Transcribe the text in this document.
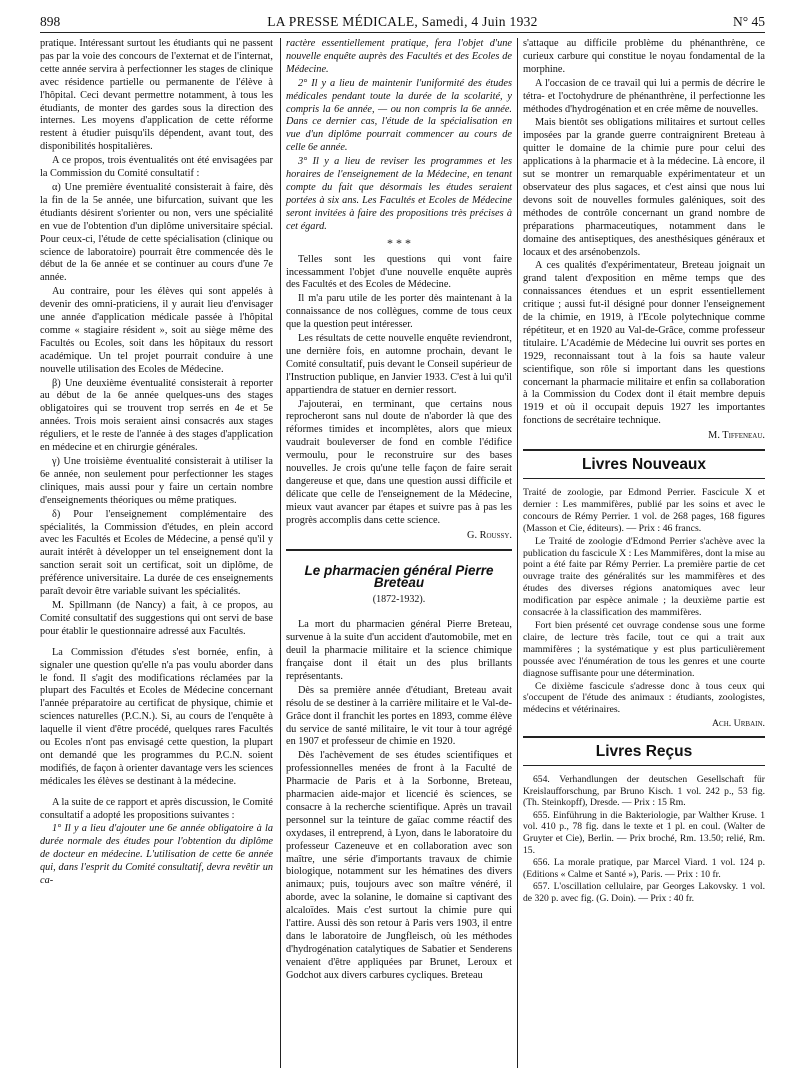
898	LA PRESSE MÉDICALE, Samedi, 4 Juin 1932	N° 45

pratique. Intéressant surtout les étudiants qui ne passent pas par la voie des concours de l'externat et de l'internat, cette année servira à perfectionner les stages de clinique avec résidence partielle ou permanente de l'élève à l'hôpital. Ceci devant permettre notamment, à tous les étudiants, de monter des gardes sous la direction des internes. Les moyens d'application de cette réforme restent à étudier puisqu'ils dépendent, avant tout, des disponibilités hospitalières.

A ce propos, trois éventualités ont été envisagées par la Commission du Comité consultatif :

α) Une première éventualité consisterait à faire, dès la fin de la 5e année, une bifurcation, suivant que les étudiants désirent s'orienter ou non, vers une spécialité en vue de l'obtention d'un diplôme universitaire spécial. Pour ceux-ci, l'étude de cette spécialisation (clinique ou science de laboratoire) pourrait être commencée dès le début de la 6e année et se continuer au cours d'une 7e année.

Au contraire, pour les élèves qui sont appelés à devenir des omni-praticiens, il y aurait lieu d'envisager une année d'application médicale passée à l'hôpital comme « stagiaire résident », soit au siège même des Facultés ou Ecoles, soit dans les hôpitaux du ressort académique. Un tel projet pourrait conduire à une nouvelle utilisation des Ecoles de Médecine.

β) Une deuxième éventualité consisterait à reporter au début de la 6e année quelques-uns des stages obligatoires qui se trouvent trop serrés en 4e et 5e années. Trois mois seraient ainsi consacrés aux stages réguliers, et le reste de l'année à des stages d'application en médecine et en chirurgie générales.

γ) Une troisième éventualité consisterait à utiliser la 6e année, non seulement pour perfectionner les stages cliniques, mais aussi pour y faire un certain nombre d'enseignements théoriques ou même pratiques.

δ) Pour l'enseignement complémentaire des spécialités, la Commission d'études, en plein accord avec les Facultés et Ecoles de Médecine, a pensé qu'il y aurait intérêt à développer un tel enseignement dont la sanction serait soit un certificat, soit un diplôme, de préférence universitaire. La durée de ces enseignements paraît devoir être variable suivant les spécialités.

M. Spillmann (de Nancy) a fait, à ce propos, au Comité consultatif des suggestions qui ont servi de base pour établir le questionnaire adressé aux Facultés.

La Commission d'études s'est bornée, enfin, à signaler une question qu'elle n'a pas voulu aborder dans le fond. Il s'agit des modifications réclamées par la plupart des Facultés et Ecoles de Médecine concernant l'année préparatoire au certificat de physique, chimie et sciences naturelles (P.C.N.). Si, au cours de l'enquête à laquelle il vient d'être procédé, quelques rares Facultés ou Ecoles n'ont pas envisagé cette question, la plupart ont demandé que les programmes du P.C.N. soient modifiés, de façon à orienter davantage vers les sciences médicales les élèves se destinant à la médecine.

A la suite de ce rapport et après discussion, le Comité consultatif a adopté les propositions suivantes :

1° Il y a lieu d'ajouter une 6e année obligatoire à la durée normale des études pour l'obtention du diplôme de docteur en médecine. L'utilisation de cette 6e année qui, dans l'esprit du Comité consultatif, devra revêtir un ca-

ractère essentiellement pratique, fera l'objet d'une nouvelle enquête auprès des Facultés et des Ecoles de Médecine.

2° Il y a lieu de maintenir l'uniformité des études médicales pendant toute la durée de la scolarité, y compris la 6e année, — ou non compris la 6e année. Dans ce dernier cas, l'étude de la spécialisation en vue d'un diplôme pourrait commencer au cours de celle 6e année.

3° Il y a lieu de reviser les programmes et les horaires de l'enseignement de la Médecine, en tenant compte du fait que désormais les études seraient portées à six ans. Les Facultés et Ecoles de Médecine seront invitées à faire des propositions très précises à cet égard.

* * *

Telles sont les questions qui vont faire incessamment l'objet d'une nouvelle enquête auprès des Facultés et des Ecoles de Médecine.

Il m'a paru utile de les porter dès maintenant à la connaissance de nos collègues, comme de tous ceux que la question peut intéresser.

Les résultats de cette nouvelle enquête reviendront, une dernière fois, en automne prochain, devant le Comité consultatif, puis devant le Conseil supérieur de l'Instruction publique, en Janvier 1933. C'est à lui qu'il appartiendra de statuer en dernier ressort.

J'ajouterai, en terminant, que certains nous reprocheront sans nul doute de n'aborder là que des réformes timides et incomplètes, alors que mieux vaudrait bouleverser de fond en comble l'édifice vermoulu, pour le reconstruire sur des bases nouvelles. Je crois qu'une telle façon de faire serait dangereuse et que, dans une question aussi difficile et délicate que celle de l'enseignement de la Médecine, mieux vaut avancer par étapes et suivre pas à pas les progrès accomplis dans cette science.

G. Roussy.

Le pharmacien général Pierre Breteau
(1872-1932).

La mort du pharmacien général Pierre Breteau, survenue à la suite d'un accident d'automobile, met en deuil la pharmacie militaire et la science chimique française dont il était un des plus brillants représentants.

Dès sa première année d'étudiant, Breteau avait résolu de se destiner à la carrière militaire et le Val-de-Grâce dont il franchit les portes en 1893, comme élève du service de santé militaire, le vit tour à tour agrégé en 1907 et professeur de chimie en 1920.

Dès l'achèvement de ses études scientifiques et professionnelles menées de front à la Faculté de Pharmacie de Paris et à la Sorbonne, Breteau, pharmacien aide-major et licencié ès sciences, se consacre à la recherche scientifique. Après un travail personnel sur la teinture de gaïac comme réactif des oxydases, il entreprend, à Lyon, dans le laboratoire du professeur Cazeneuve et en collaboration avec son maître, une série d'importants travaux de chimie biologique, notamment sur les hématines des divers animaux; puis, toujours avec son maître vénéré, il aborde, avec la solanine, le domaine si captivant des alcaloïdes. Mais c'est surtout la chimie pure qui l'attire. Aussi dès son retour à Paris vers 1903, il entre dans le laboratoire de Jungfleisch, où les méthodes d'hydrogénation catalytiques de Sabatier et Senderens venaient d'être appliquées par Brunet, Leroux et Godchot aux divers carbures cycliques. Breteau

s'attaque au difficile problème du phénanthrène, ce curieux carbure qui constitue le noyau fondamental de la morphine.

A l'occasion de ce travail qui lui a permis de décrire le tétra- et l'octohydrure de phénanthrène, il perfectionne les méthodes d'hydrogénation et en crée même de nouvelles.

Mais bientôt ses obligations militaires et surtout celles imposées par la grande guerre contraignirent Breteau à quitter le domaine de la chimie pure pour celui des applications à la pharmacie et à la médecine. Là encore, il sut se montrer un remarquable expérimentateur et un observateur des plus sagaces, et c'est ainsi que nous lui devons soit de nouvelles formules galéniques, soit des méthodes de contrôle concernant un grand nombre de préparations pharmaceutiques, notamment dans le domaine des antiseptiques, des anesthésiques généraux et locaux et des arsénobenzols.

A ces qualités d'expérimentateur, Breteau joignait un grand talent d'exposition en même temps que des connaissances étendues et un esprit essentiellement critique ; aussi fut-il désigné pour donner l'enseignement de la chimie, en 1919, à l'Ecole polytechnique comme répétiteur, et en 1920 au Val-de-Grâce, comme professeur titulaire. L'Académie de Médecine lui ouvrit ses portes en 1929, reconnaissant tout à la fois sa haute valeur scientifique, son rôle si important dans les questions concernant la pharmacie militaire et enfin sa collaboration à la Commission du Codex dont il était membre depuis 1919 et où il occupait depuis 1927 les importantes fonctions de secrétaire technique.

M. Tiffeneau.

Livres Nouveaux

Traité de zoologie, par Edmond Perrier. Fascicule X et dernier : Les mammifères, publié par les soins et avec le concours de Rémy Perrier. 1 vol. de 268 pages, 168 figures (Masson et Cie, éditeurs). — Prix : 46 francs.

Le Traité de zoologie d'Edmond Perrier s'achève avec la publication du fascicule X : Les Mammifères, dont la mise au point a été faite par Rémy Perrier. La première partie de cet ouvrage traite des généralités sur les mammifères et des études des diverses régions anatomiques avec leur modification par espèce animale ; la deuxième partie est consacrée à la classification des mammifères.

Fort bien présenté cet ouvrage condense sous une forme claire, de lecture très facile, tout ce qui a trait aux mammifères ; la systématique y est plus particulièrement poussée avec l'énumération de tous les genres et une courte diagnose suffisante pour une détermination.

Ce dixième fascicule s'adresse donc à tous ceux qui s'occupent de l'étude des animaux : étudiants, zoologistes, médecins et vétérinaires.

Ach. Urbain.

Livres Reçus
654. Verhandlungen der deutschen Gesellschaft für Kreislaufforschung, par Bruno Kisch. 1 vol. 242 p., 53 fig. (Th. Steinkopff), Dresde. — Prix : 15 Rm.
655. Einführung in die Bakteriologie, par Walther Kruse. 1 vol. 410 p., 78 fig. dans le texte et 1 pl. en coul. (Walter de Gruyter et Cie), Berlin. — Prix broché, Rm. 13.50; relié, Rm. 15.
656. La morale pratique, par Marcel Viard. 1 vol. 124 p. (Editions « Calme et Santé »), Paris. — Prix : 10 fr.
657. L'oscillation cellulaire, par Georges Lakovsky. 1 vol. de 320 p. avec fig. (G. Doin). — Prix : 40 fr.
